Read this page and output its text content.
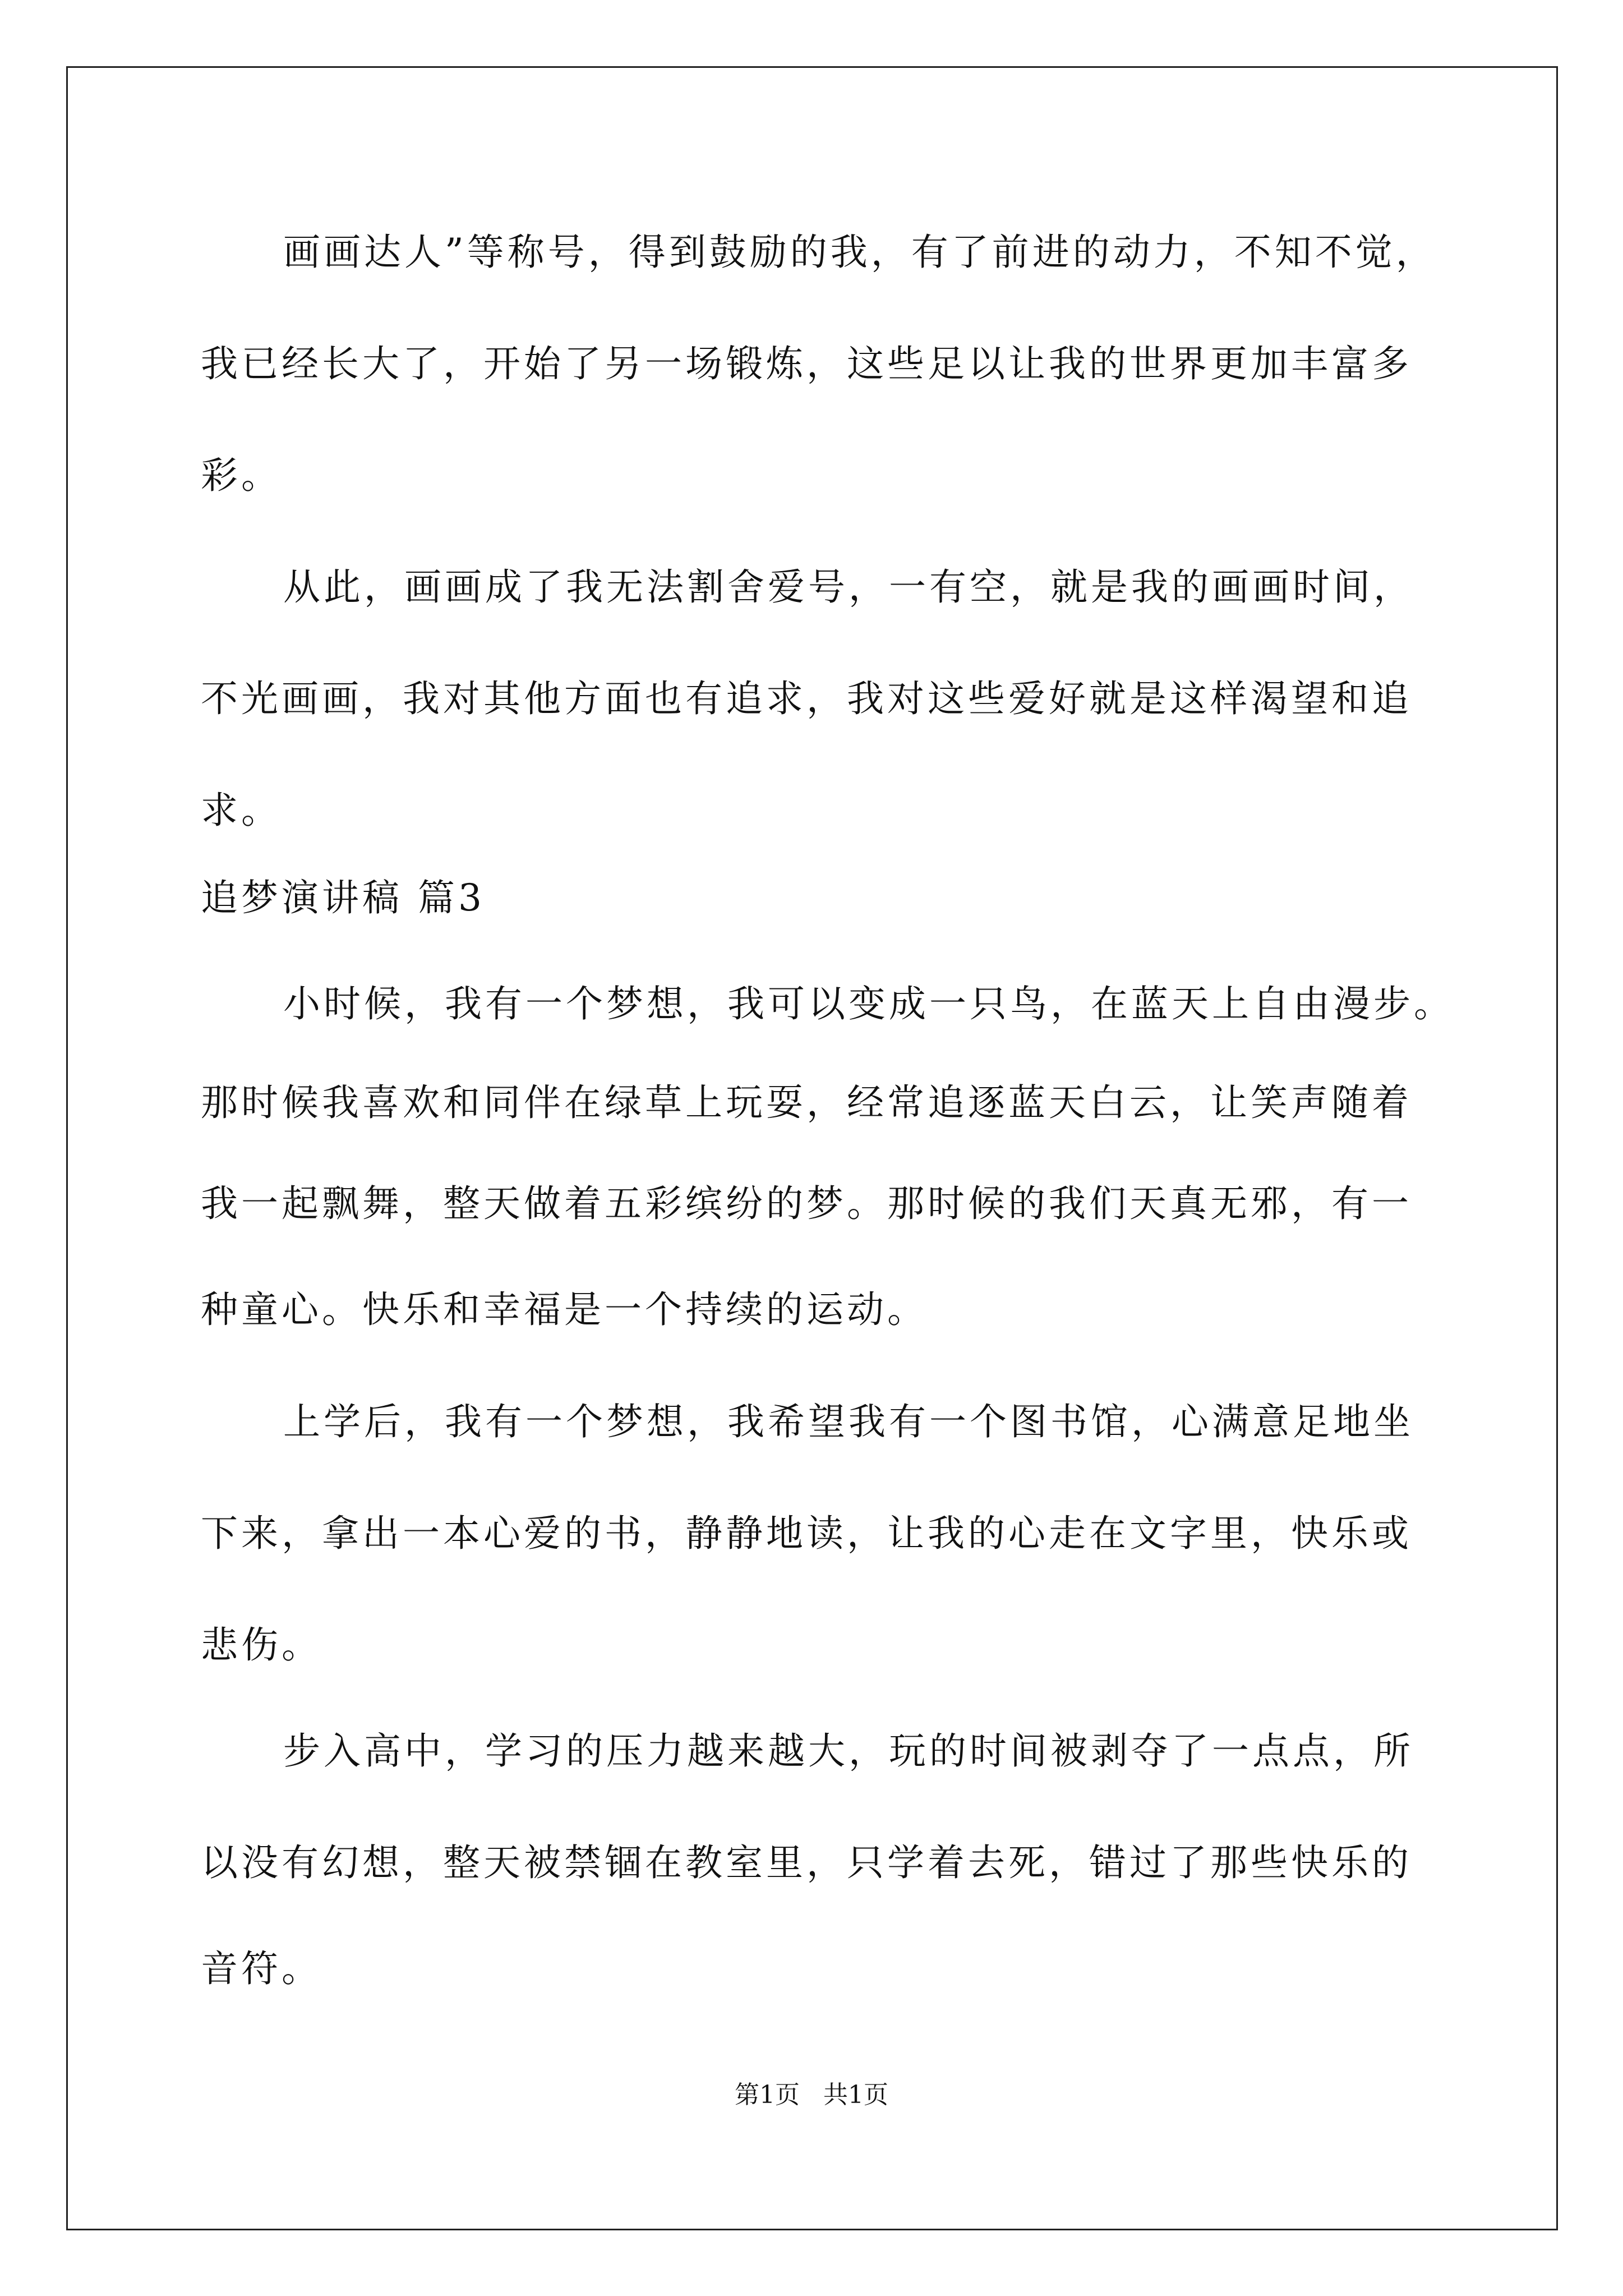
画画达人”等称号，得到鼓励的我，有了前进的动力，不知不觉，
我已经长大了，开始了另一场锻炼，这些足以让我的世界更加丰富多
彩。
从此，画画成了我无法割舍爱号，一有空，就是我的画画时间，
不光画画，我对其他方面也有追求，我对这些爱好就是这样渴望和追
求。
追梦演讲稿 篇3
小时候，我有一个梦想，我可以变成一只鸟，在蓝天上自由漫步。
那时候我喜欢和同伴在绿草上玩耍，经常追逐蓝天白云，让笑声随着
我一起飘舞，整天做着五彩缤纷的梦。那时候的我们天真无邪，有一
种童心。快乐和幸福是一个持续的运动。
上学后，我有一个梦想，我希望我有一个图书馆，心满意足地坐
下来，拿出一本心爱的书，静静地读，让我的心走在文字里，快乐或
悲伤。
步入高中，学习的压力越来越大，玩的时间被剥夺了一点点，所
以没有幻想，整天被禁锢在教室里，只学着去死，错过了那些快乐的
音符。
第1页   共1页
